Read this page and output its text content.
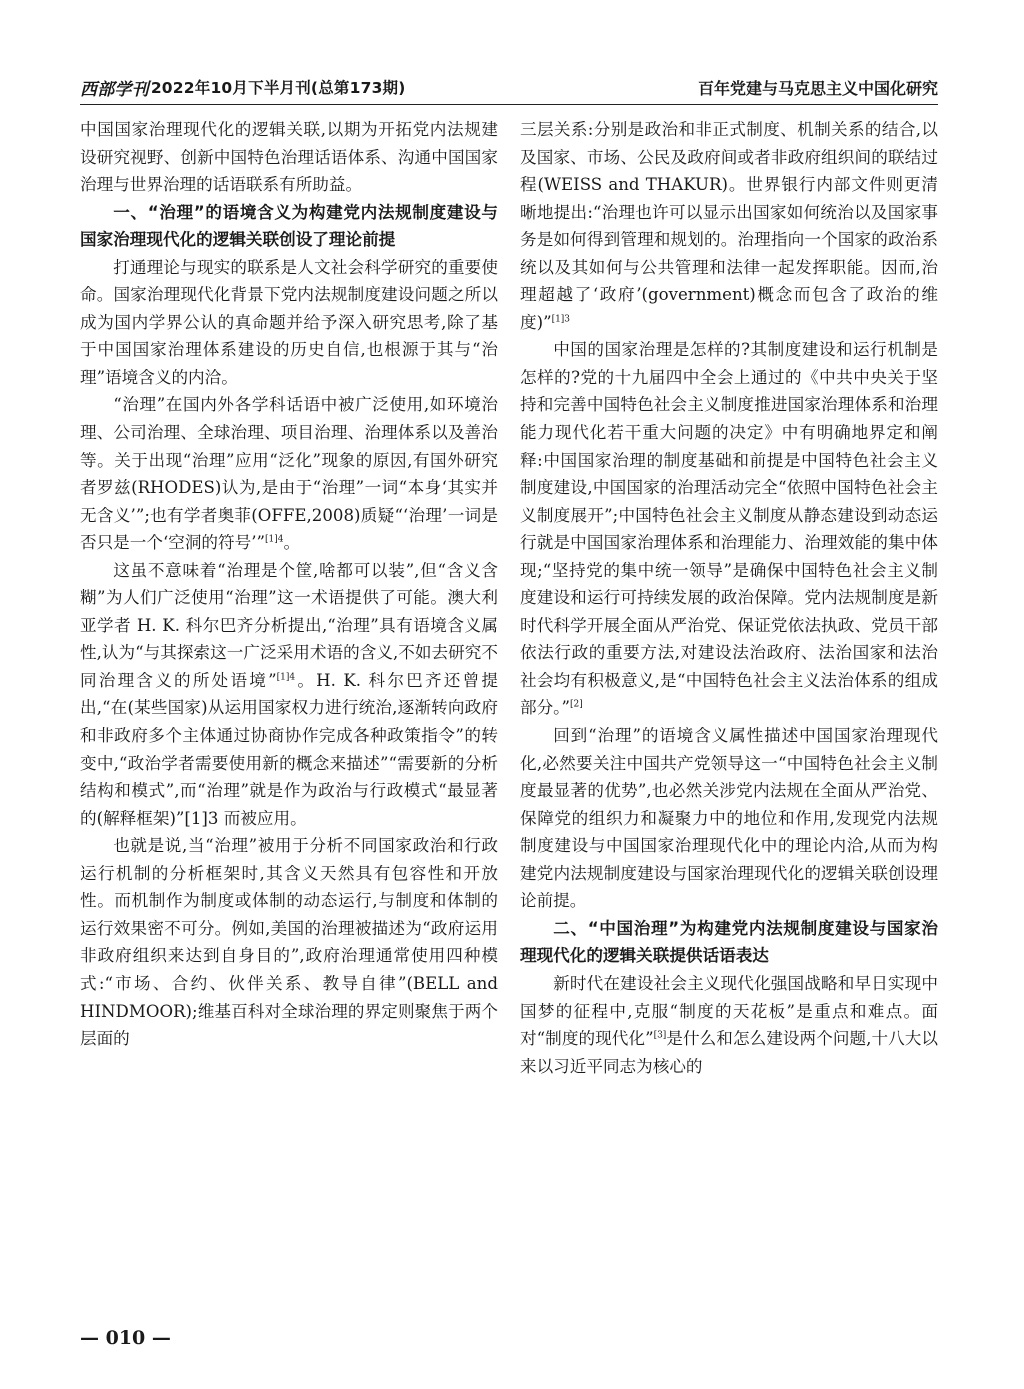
西部学刊 2022年10月下半月刊(总第173期)	百年党建与马克思主义中国化研究

中国国家治理现代化的逻辑关联,以期为开拓党内法规建设研究视野、创新中国特色治理话语体系、沟通中国国家治理与世界治理的话语联系有所助益。

一、“治理”的语境含义为构建党内法规制度建设与国家治理现代化的逻辑关联创设了理论前提

打通理论与现实的联系是人文社会科学研究的重要使命。国家治理现代化背景下党内法规制度建设问题之所以成为国内学界公认的真命题并给予深入研究思考,除了基于中国国家治理体系建设的历史自信,也根源于其与“治理”语境含义的内洽。

“治理”在国内外各学科话语中被广泛使用,如环境治理、公司治理、全球治理、项目治理、治理体系以及善治等。关于出现“治理”应用“泛化”现象的原因,有国外研究者罗兹(RHODES)认为,是由于“治理”一词“本身‘其实并无含义’”;也有学者奥菲(OFFE,2008)质疑“‘治理’一词是否只是一个‘空洞的符号’”$^{[1]4}$。

这虽不意味着“治理是个筐,啥都可以装”,但“含义含糊”为人们广泛使用“治理”这一术语提供了可能。澳大利亚学者 H. K. 科尔巴齐分析提出,“治理”具有语境含义属性,认为“与其探索这一广泛采用术语的含义,不如去研究不同治理含义的所处语境”$^{[1]4}$。H. K. 科尔巴齐还曾提出,“在(某些国家)从运用国家权力进行统治,逐渐转向政府和非政府多个主体通过协商协作完成各种政策指令”的转变中,“政治学者需要使用新的概念来描述”“需要新的分析结构和模式”,而“治理”就是作为政治与行政模式“最显著的(解释框架)”[1]3 而被应用。

也就是说,当“治理”被用于分析不同国家政治和行政运行机制的分析框架时,其含义天然具有包容性和开放性。而机制作为制度或体制的动态运行,与制度和体制的运行效果密不可分。例如,美国的治理被描述为“政府运用非政府组织来达到自身目的”,政府治理通常使用四种模式:“市场、合约、伙伴关系、教导自律”(BELL and HINDMOOR);维基百科对全球治理的界定则聚焦于两个层面的

三层关系:分别是政治和非正式制度、机制关系的结合,以及国家、市场、公民及政府间或者非政府组织间的联结过程(WEISS and THAKUR)。世界银行内部文件则更清晰地提出:“治理也许可以显示出国家如何统治以及国家事务是如何得到管理和规划的。治理指向一个国家的政治系统以及其如何与公共管理和法律一起发挥职能。因而,治理超越了‘政府’(government)概念而包含了政治的维度)”$^{[1]3}$

中国的国家治理是怎样的?其制度建设和运行机制是怎样的?党的十九届四中全会上通过的《中共中央关于坚持和完善中国特色社会主义制度推进国家治理体系和治理能力现代化若干重大问题的决定》中有明确地界定和阐释:中国国家治理的制度基础和前提是中国特色社会主义制度建设,中国国家的治理活动完全“依照中国特色社会主义制度展开”;中国特色社会主义制度从静态建设到动态运行就是中国国家治理体系和治理能力、治理效能的集中体现;“坚持党的集中统一领导”是确保中国特色社会主义制度建设和运行可持续发展的政治保障。党内法规制度是新时代科学开展全面从严治党、保证党依法执政、党员干部依法行政的重要方法,对建设法治政府、法治国家和法治社会均有积极意义,是“中国特色社会主义法治体系的组成部分。”[2]

回到“治理”的语境含义属性描述中国国家治理现代化,必然要关注中国共产党领导这一“中国特色社会主义制度最显著的优势”,也必然关涉党内法规在全面从严治党、保障党的组织力和凝聚力中的地位和作用,发现党内法规制度建设与中国国家治理现代化中的理论内洽,从而为构建党内法规制度建设与国家治理现代化的逻辑关联创设理论前提。

二、“中国治理”为构建党内法规制度建设与国家治理现代化的逻辑关联提供话语表达

新时代在建设社会主义现代化强国战略和早日实现中国梦的征程中,克服“制度的天花板”是重点和难点。面对“制度的现代化”[3]是什么和怎么建设两个问题,十八大以来以习近平同志为核心的

— 010 —
